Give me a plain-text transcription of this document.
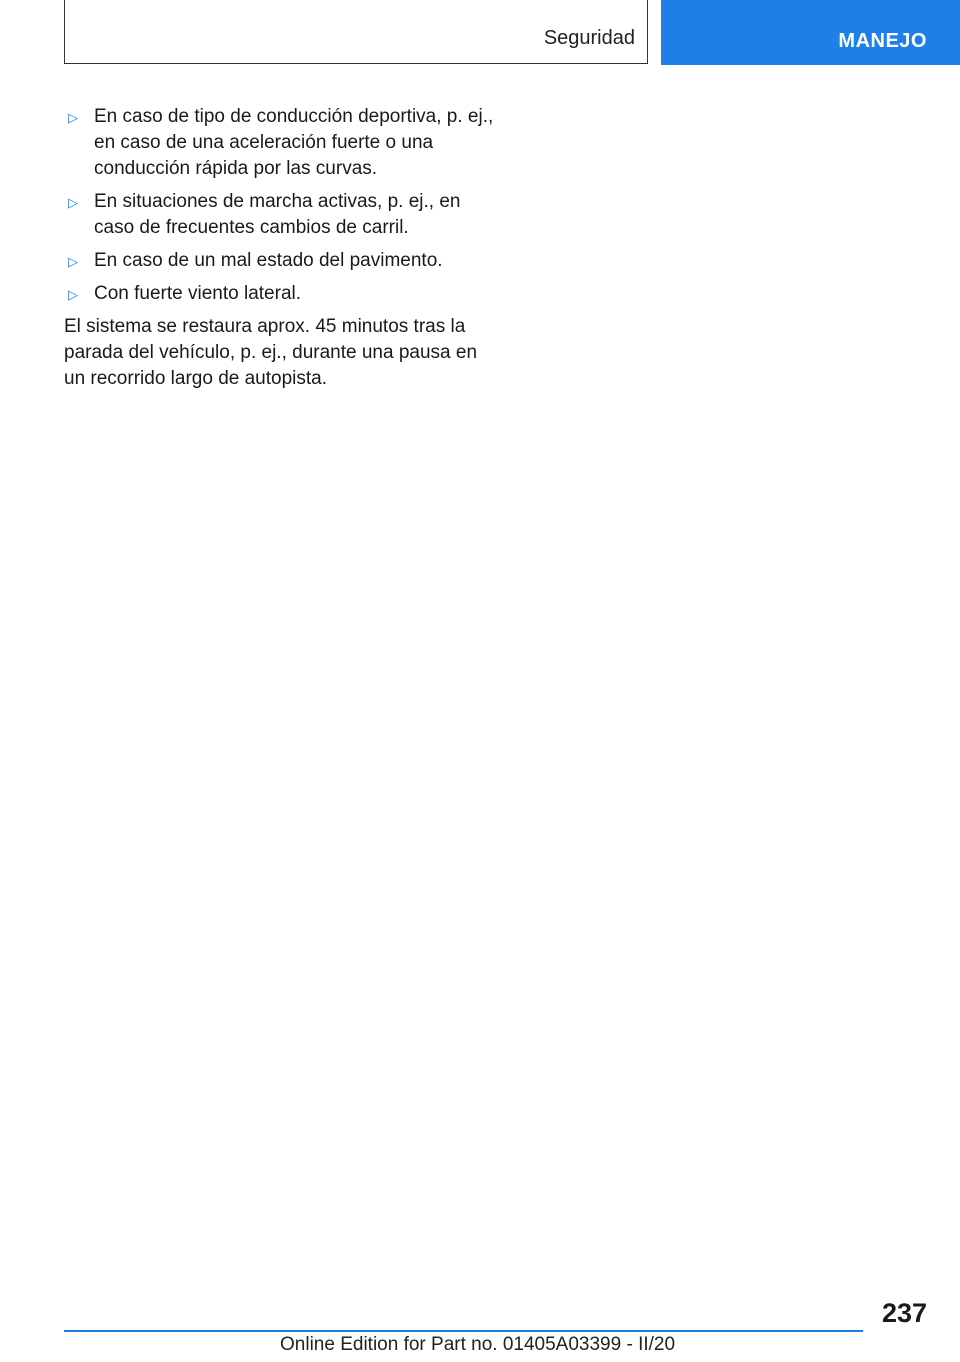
Seguridad	MANEJO
▷ En caso de tipo de conducción deportiva, p. ej., en caso de una aceleración fuerte o una conducción rápida por las curvas.
▷ En situaciones de marcha activas, p. ej., en caso de frecuentes cambios de carril.
▷ En caso de un mal estado del pavimento.
▷ Con fuerte viento lateral.

El sistema se restaura aprox. 45 minutos tras la parada del vehículo, p. ej., durante una pausa en un recorrido largo de autopista.

237
Online Edition for Part no. 01405A03399 - II/20
